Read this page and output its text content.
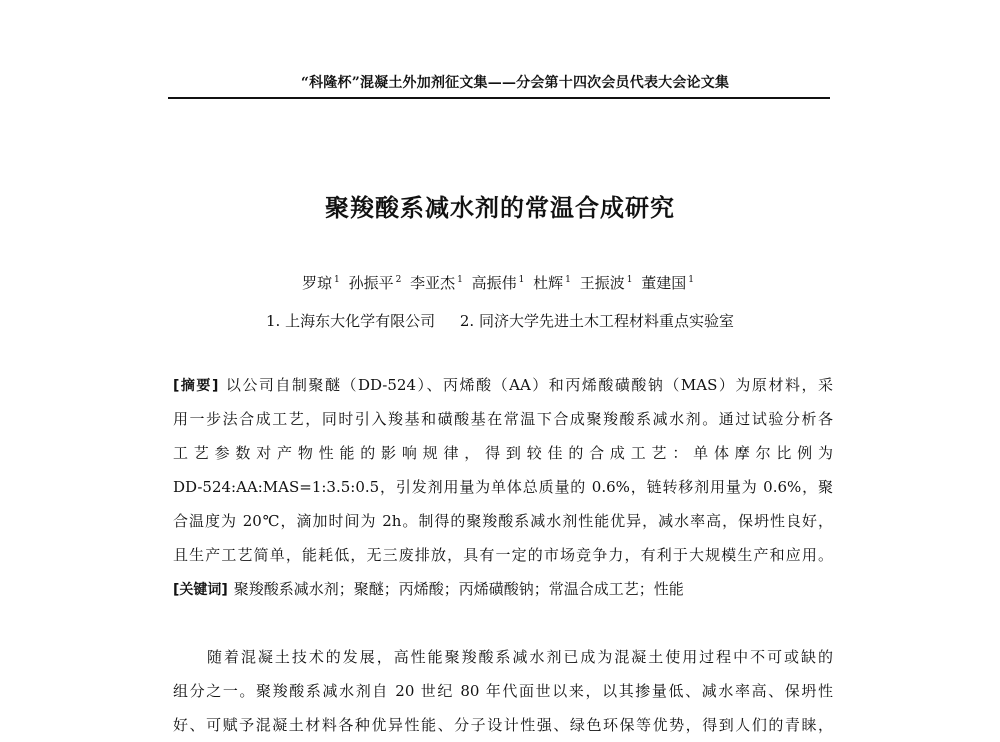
“科隆杯”混凝土外加剂征文集——分会第十四次会员代表大会论文集
聚羧酸系减水剂的常温合成研究
罗琼 $^1$ 孙振平 $^2$ 李亚杰 $^1$ 高振伟 $^1$ 杜辉 $^1$ 王振波 $^1$ 董建国 $^1$
1. 上海东大化学有限公司 2. 同济大学先进土木工程材料重点实验室
[摘要] 以公司自制聚醚（DD-524）、丙烯酸（AA）和丙烯酸磺酸钠（MAS）为原材料，采
用一步法合成工艺，同时引入羧基和磺酸基在常温下合成聚羧酸系减水剂。通过试验分析各
工艺参数对产物性能的影响规律，得到较佳的合成工艺：单体摩尔比例为
DD-524:AA:MAS=1:3.5:0.5，引发剂用量为单体总质量的 0.6%，链转移剂用量为 0.6%，聚
合温度为 20℃，滴加时间为 2h。制得的聚羧酸系减水剂性能优异，减水率高，保坍性良好，
且生产工艺简单，能耗低，无三废排放，具有一定的市场竞争力，有利于大规模生产和应用。
[关键词] 聚羧酸系减水剂；聚醚；丙烯酸；丙烯磺酸钠；常温合成工艺；性能
随着混凝土技术的发展，高性能聚羧酸系减水剂已成为混凝土使用过程中不可或缺的
组分之一。聚羧酸系减水剂自 20 世纪 80 年代面世以来，以其掺量低、减水率高、保坍性
好、可赋予混凝土材料各种优异性能、分子设计性强、绿色环保等优势，得到人们的青睐，
